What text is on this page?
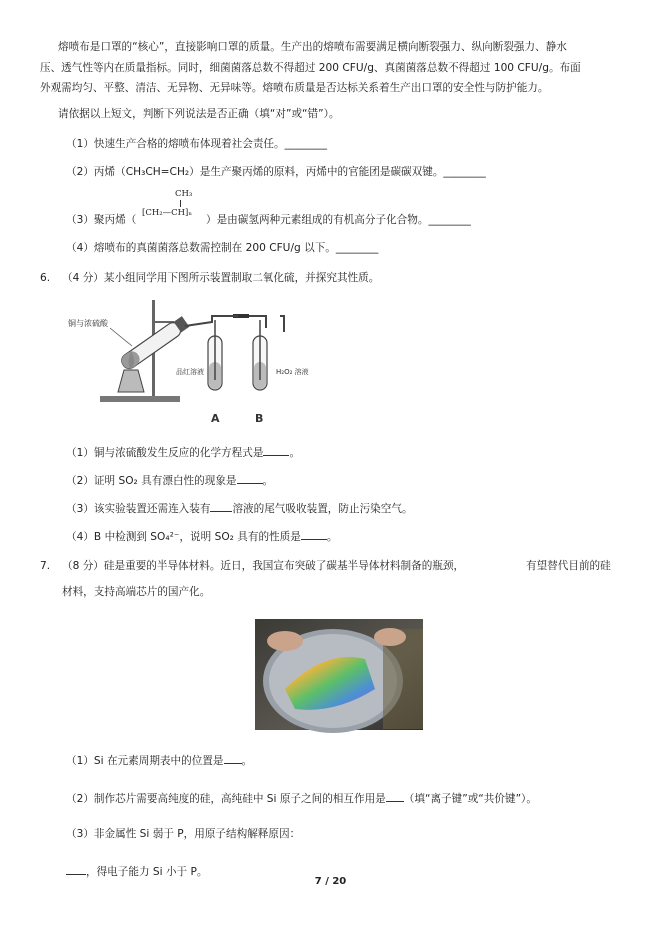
熔喷布是口罩的“核心”，直接影响口罩的质量。生产出的熔喷布需要满足横向断裂强力、纵向断裂强力、静水
压、透气性等内在质量指标。同时，细菌菌落总数不得超过 200 CFU/g、真菌菌落总数不得超过 100 CFU/g。布面
外观需均匀、平整、清洁、无异物、无异味等。熔喷布质量是否达标关系着生产出口罩的安全性与防护能力。
请依据以上短文，判断下列说法是否正确（填“对”或“错”）。
（1）快速生产合格的熔喷布体现着社会责任。________
（2）丙烯（CH₃CH=CH₂）是生产聚丙烯的原料，丙烯中的官能团是碳碳双键。________
（3）聚丙烯（
CH₃
[CH₂—CH]ₙ
）是由碳氢两种元素组成的有机高分子化合物。________
（4）熔喷布的真菌菌落总数需控制在 200 CFU/g 以下。________
6. （4 分）某小组同学用下图所示装置制取二氧化硫，并探究其性质。
铜与浓硫酸
品红溶液	H₂O₂ 溶液
A	B
（1）铜与浓硫酸发生反应的化学方程式是 。
（2）证明 SO₂ 具有漂白性的现象是 。
（3）该实验装置还需连入装有 溶液的尾气吸收装置，防止污染空气。
（4）B 中检测到 SO₄²⁻，说明 SO₂ 具有的性质是 。
7. （8 分）硅是重要的半导体材料。近日，我国宣布突破了碳基半导体材料制备的瓶颈，	有望替代目前的硅
材料，支持高端芯片的国产化。
（1）Si 在元素周期表中的位置是 。
（2）制作芯片需要高纯度的硅，高纯硅中 Si 原子之间的相互作用是 （填“离子键”或“共价键”）。
（3）非金属性 Si 弱于 P，用原子结构解释原因：
，得电子能力 Si 小于 P。
7 / 20
